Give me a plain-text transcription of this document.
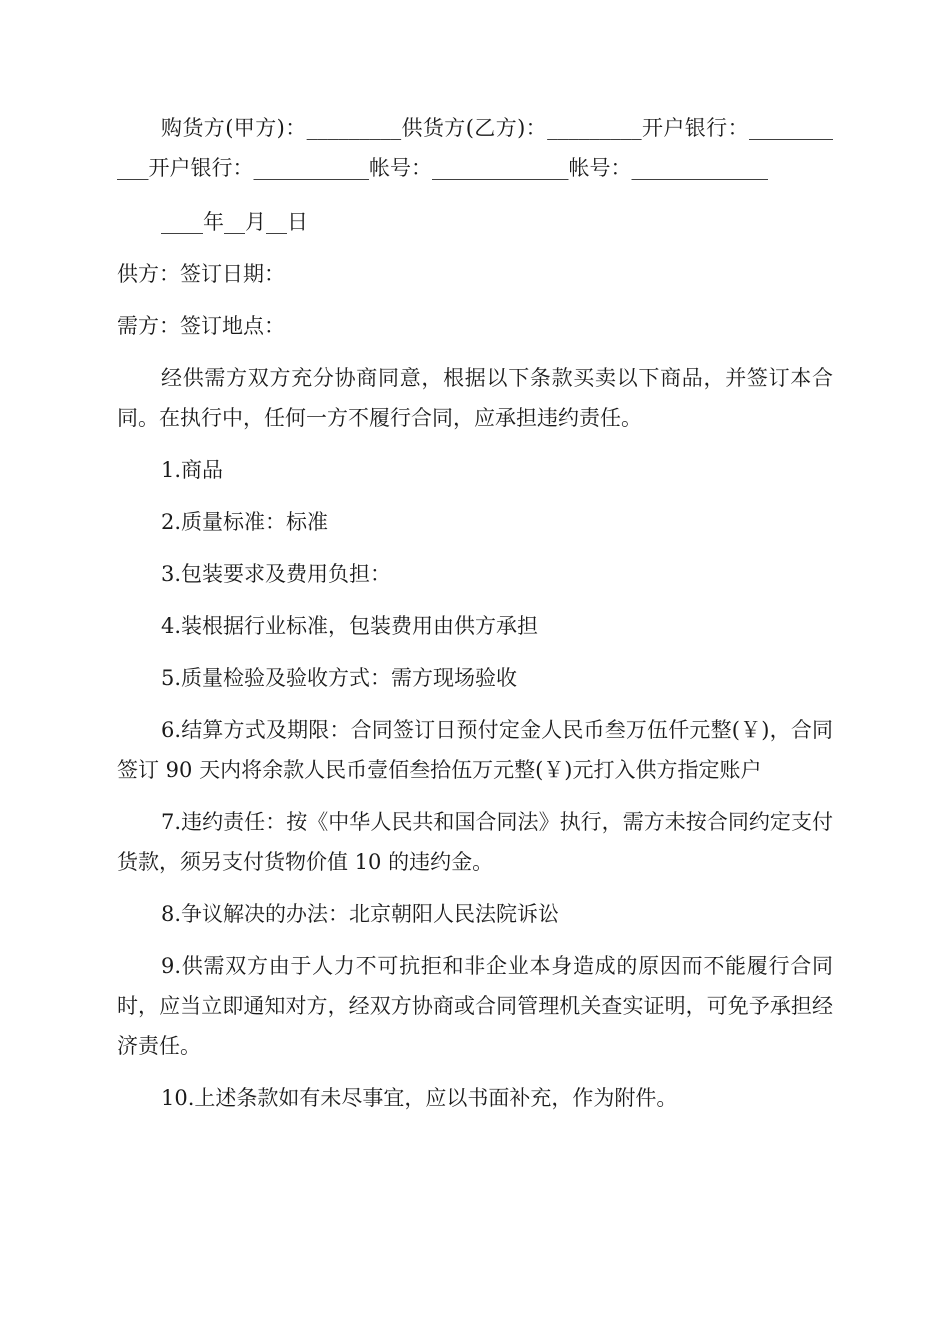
购货方(甲方)：_________供货方(乙方)：_________开户银行：___________开户银行：___________帐号：_____________帐号：_____________

____年__月__日

供方：签订日期：

需方：签订地点：

经供需方双方充分协商同意，根据以下条款买卖以下商品，并签订本合同。在执行中，任何一方不履行合同，应承担违约责任。

1.商品

2.质量标准：标准

3.包装要求及费用负担：

4.装根据行业标准，包装费用由供方承担

5.质量检验及验收方式：需方现场验收

6.结算方式及期限：合同签订日预付定金人民币叁万伍仟元整(￥)，合同签订 90 天内将余款人民币壹佰叁拾伍万元整(￥)元打入供方指定账户

7.违约责任：按《中华人民共和国合同法》执行，需方未按合同约定支付货款，须另支付货物价值 10 的违约金。

8.争议解决的办法：北京朝阳人民法院诉讼

9.供需双方由于人力不可抗拒和非企业本身造成的原因而不能履行合同时，应当立即通知对方，经双方协商或合同管理机关查实证明，可免予承担经济责任。

10.上述条款如有未尽事宜，应以书面补充，作为附件。
